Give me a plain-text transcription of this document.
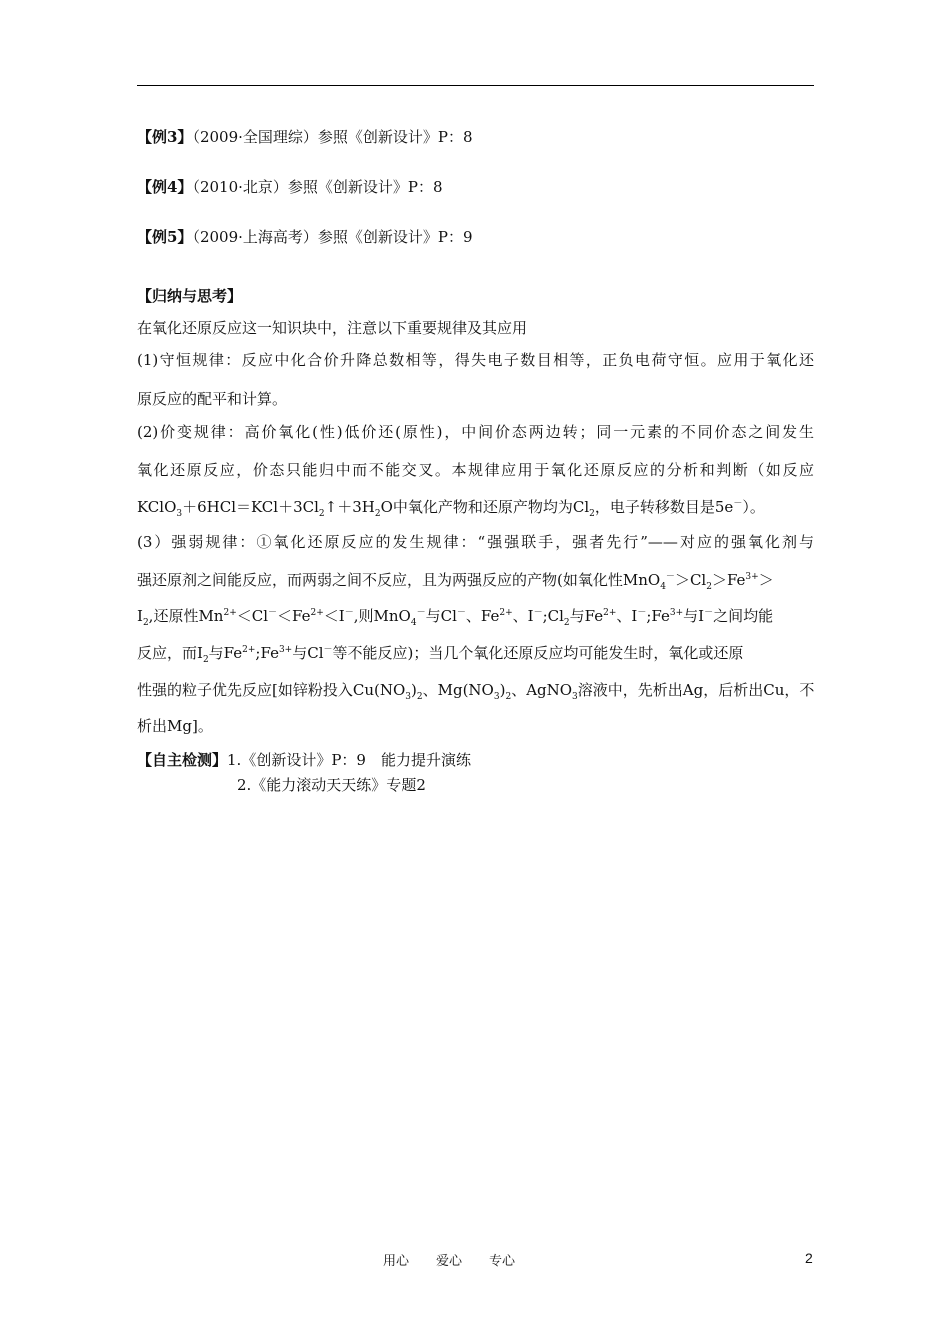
【例3】（2009·全国理综）参照《创新设计》P：8
【例4】（2010·北京）参照《创新设计》P：8
【例5】（2009·上海高考）参照《创新设计》P：9
【归纳与思考】
在氧化还原反应这一知识块中，注意以下重要规律及其应用
(1)守恒规律：反应中化合价升降总数相等，得失电子数目相等，正负电荷守恒。应用于氧化还
原反应的配平和计算。
(2)价变规律：高价氧化(性)低价还(原性)，中间价态两边转；同一元素的不同价态之间发生
氧化还原反应，价态只能归中而不能交叉。本规律应用于氧化还原反应的分析和判断（如反应
$KClO_3+6HCl=KCl+3Cl_2↑+3H_2O$中氧化产物和还原产物均为$Cl_2$，电子转移数目是5e－）。
(3）强弱规律：①氧化还原反应的发生规律：“强强联手，强者先行”——对应的强氧化剂与
强还原剂之间能反应，而两弱之间不反应，且为两强反应的产物(如氧化性$MnO_4^->Cl_2>Fe^{3+}>$
$I_2$,还原性$Mn^{2+}<Cl^-<Fe^{2+}<I^-$,则MnO$_4$－与Cl－、$Fe^{2+}$、$I^-;Cl_2$与$Fe^{2+}$、$I^-;Fe^{3+}$与I－之间均能
反应，而$I_2$与$Fe^{2+};Fe^{3+}$与Cl－等不能反应)；当几个氧化还原反应均可能发生时，氧化或还原
性强的粒子优先反应[如锌粉投入$Cu(NO_3)_2$、$Mg(NO_3)_2$、AgNO$_3$溶液中，先析出Ag，后析出Cu，不
析出Mg]。
【自主检测】1.《创新设计》P：9　能力提升演练
2.《能力滚动天天练》专题2
用心 爱心 专心	2
